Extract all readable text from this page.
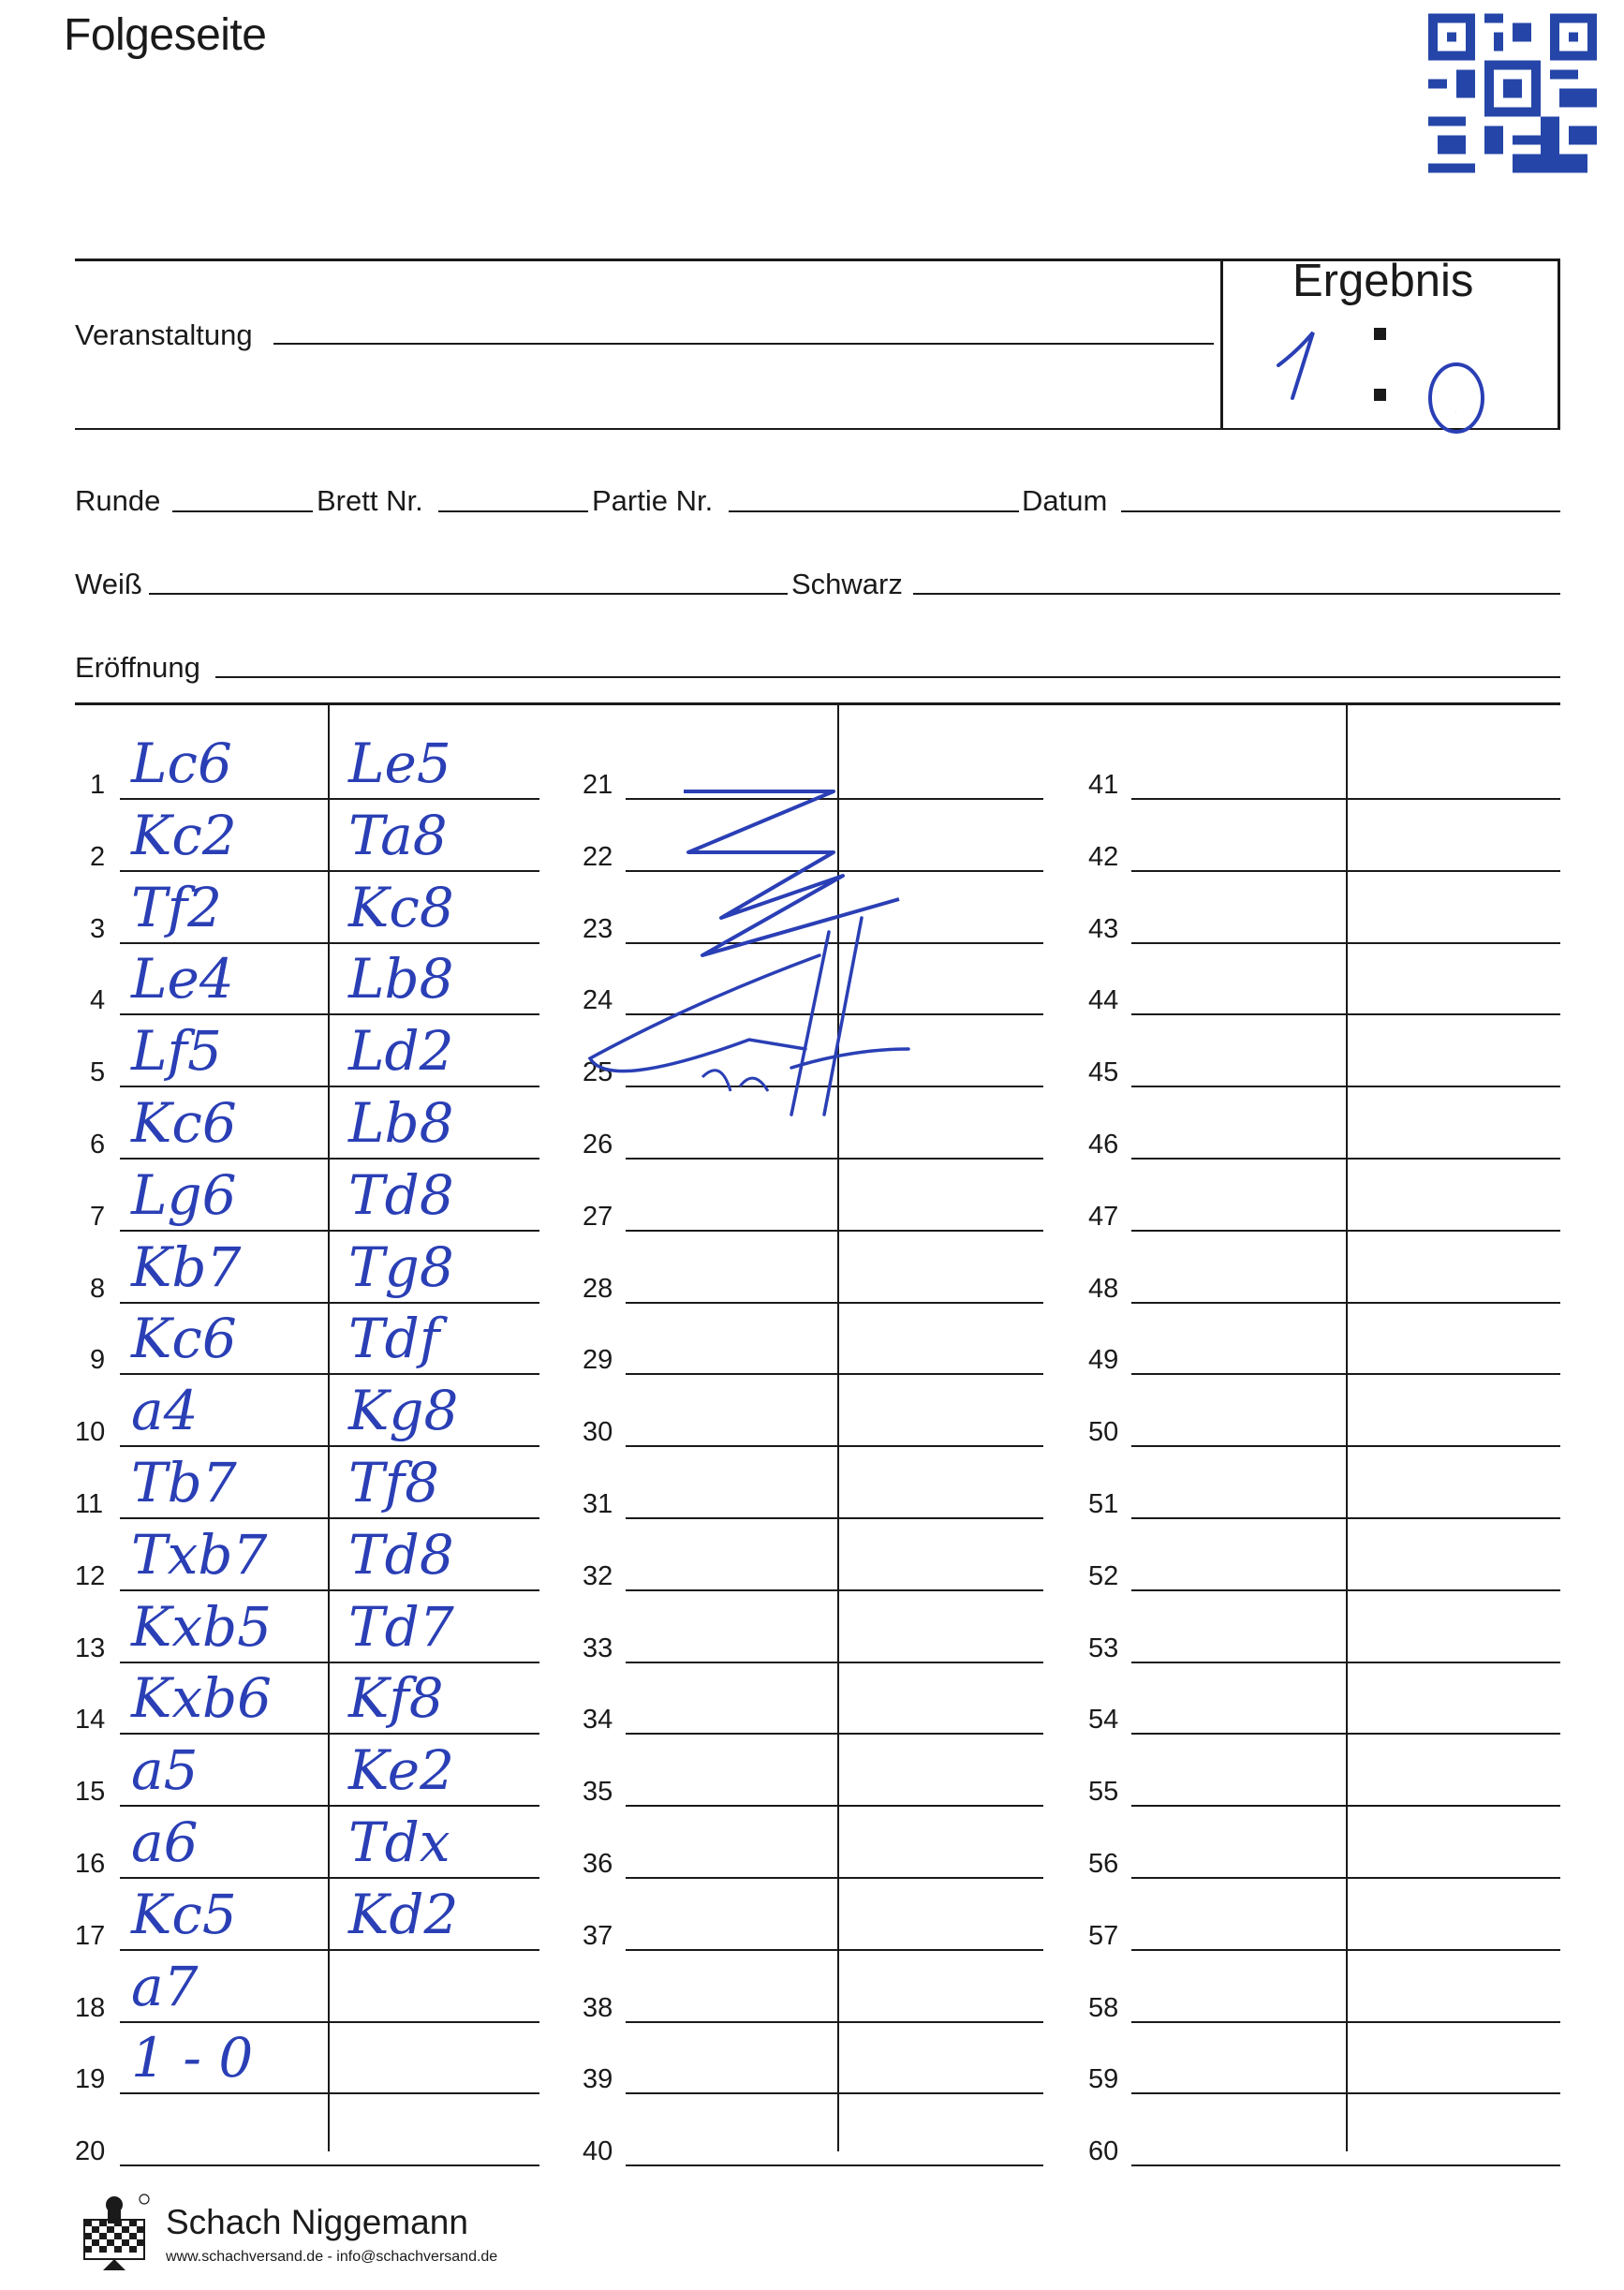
Folgeseite
Ergebnis
1
0
Veranstaltung
Runde	Brett Nr.	Partie Nr.	Datum
Weiß	Schwarz
Eröffnung
1 Lc6 Le5
2 Kc2 Ta8
3 Tf2 Kc8
4 Le4 Lb8
5 Lf5 Ld2
6 Kc6 Lb8
7 Lg6 Td8
8 Kb7 Tg8
9 Kc6 Tdf
10 a4	Kg8
11 Tb7 Tf8
12 Txb7 Td8
13 Kxb5 Td7
14 Kxb6 Kf8
15 a5	Ke2
16 a6	Tdx
17 Kc5 Kd2
18 a7
19 1 - 0
20
21
22
23
24
25
26
27
28
29
30
31
32
33
34
35
36
37
38
39
40
41
42
43
44
45
46
47
48
49
50
51
52
53
54
55
56
57
58
59
60
Schach Niggemann
www.schachversand.de - info@schachversand.de
